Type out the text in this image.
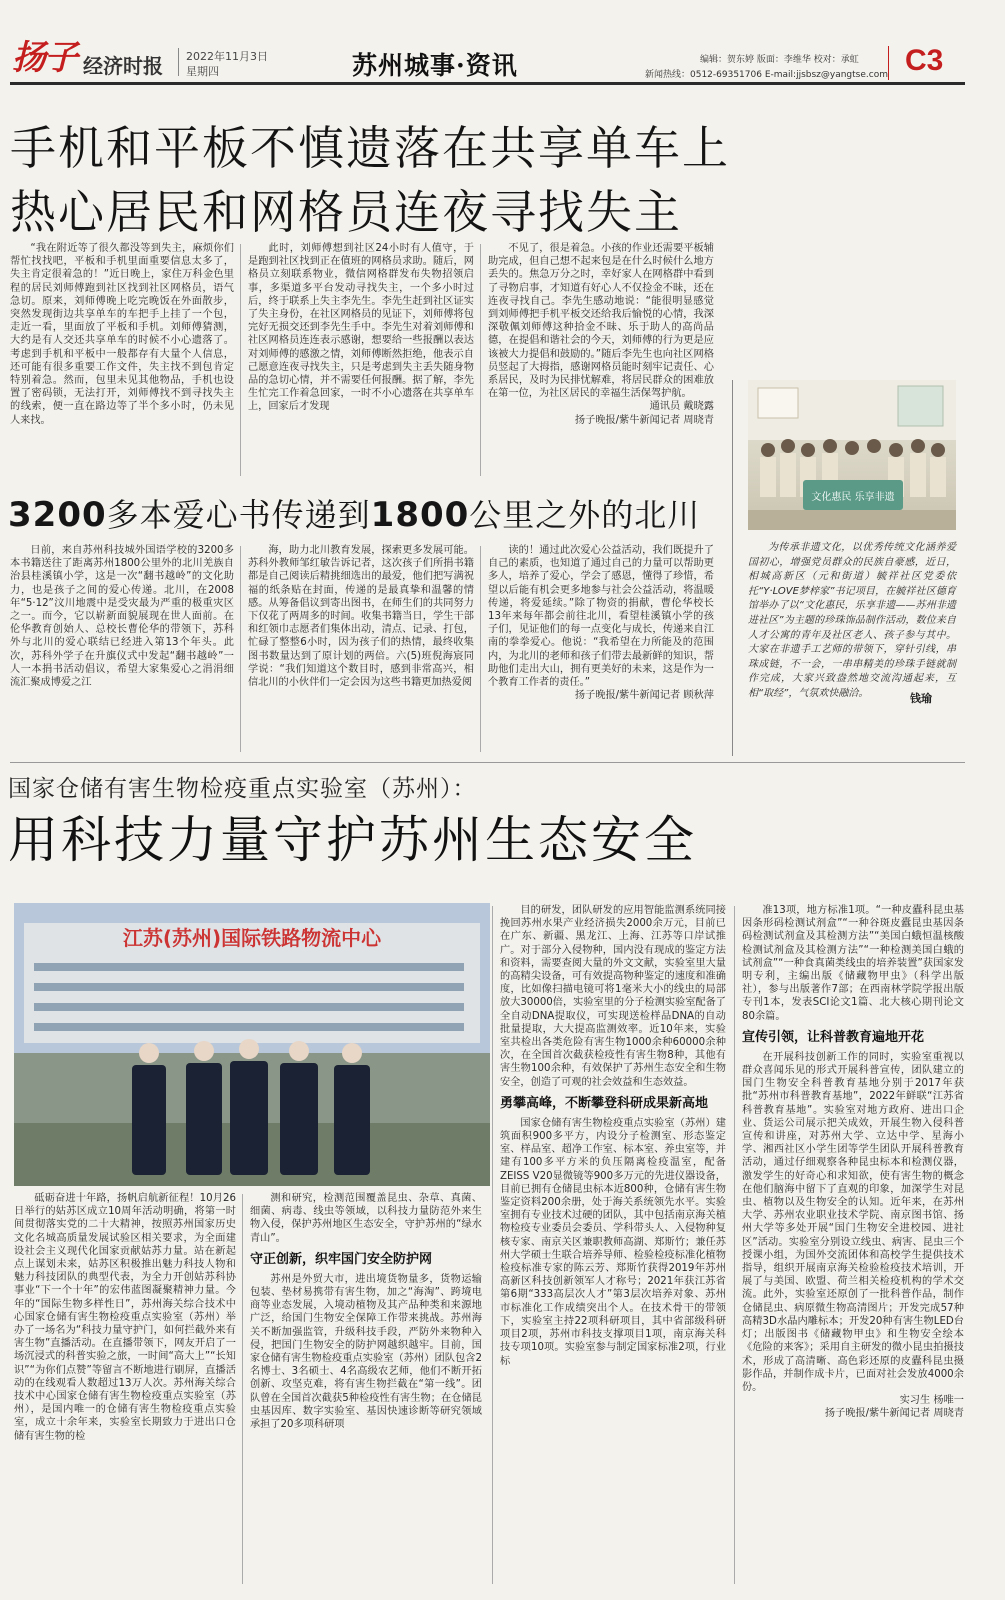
扬子 经济时报 2022年11月3日
星期四	苏州城事·资讯	编辑：贺东婷 版面：李维华 校对：承虹
新闻热线：0512-69351706 E-mail:jjsbsz@yangtse.com C3
手机和平板不慎遗落在共享单车上
热心居民和网格员连夜寻找失主

“我在附近等了很久都没等到失主，麻烦你们帮忙找找吧，平板和手机里面重要信息太多了，失主肯定很着急的！”近日晚上，家住万科金色里程的居民刘师傅跑到社区找到社区网格员，语气急切。原来，刘师傅晚上吃完晚饭在外面散步，突然发现街边共享单车的车把手上挂了一个包，走近一看，里面放了平板和手机。刘师傅猜测，大约是有人交还共享单车的时候不小心遗落了。考虑到手机和平板中一般都存有大量个人信息，还可能有很多重要工作文件，失主找不到包肯定特别着急。然而，包里未见其他物品，手机也设置了密码锁，无法打开，刘师傅找不到寻找失主的线索，便一直在路边等了半个多小时，仍未见人来找。

此时，刘师傅想到社区24小时有人值守，于是跑到社区找到正在值班的网格员求助。随后，网格员立刻联系物业，微信网格群发布失物招领启事，多渠道多平台发动寻找失主，一个多小时过后，终于联系上失主李先生。李先生赶到社区证实了失主身份，在社区网格员的见证下，刘师傅将包完好无损交还到李先生手中。李先生对着刘师傅和社区网格员连连表示感谢，想要给一些报酬以表达对刘师傅的感激之情，刘师傅断然拒绝，他表示自己愿意连夜寻找失主，只是考虑到失主丢失随身物品的急切心情，并不需要任何报酬。据了解，李先生忙完工作着急回家，一时不小心遗落在共享单车上，回家后才发现

不见了，很是着急。小孩的作业还需要平板辅助完成，但自己想不起来包是在什么时候什么地方丢失的。焦急万分之时，幸好家人在网格群中看到了寻物启事，才知道有好心人不仅捡金不昧，还在连夜寻找自己。李先生感动地说：“能很明显感觉到刘师傅把手机平板交还给我后愉悦的心情，我深深敬佩刘师傅这种拾金不昧、乐于助人的高尚品德，在提倡和谐社会的今天，刘师傅的行为更是应该被大力提倡和鼓励的。”随后李先生也向社区网格员竖起了大拇指，感谢网格员能时刻牢记责任、心系居民，及时为民排忧解难，将居民群众的困难放在第一位，为社区居民的幸福生活保驾护航。

通讯员 戴晓露

扬子晚报/紫牛新闻记者 周晓青

3200多本爱心书传递到1800公里之外的北川

日前，来自苏州科技城外国语学校的3200多本书籍送往了距离苏州1800公里外的北川羌族自治县桂溪镇小学，这是一次“翻书越岭”的文化助力，也是孩子之间的爱心传递。北川，在2008年“5·12”汶川地震中是受灾最为严重的极重灾区之一。而今，它以崭新面貌展现在世人面前。在伦华教育创始人、总校长曹伦华的带领下，苏科外与北川的爱心联结已经进入第13个年头。此次，苏科外学子在升旗仪式中发起“翻书越岭”一人一本捐书活动倡议，希望大家集爱心之涓涓细流汇聚成博爱之江

海，助力北川教育发展，探索更多发展可能。苏科外教师邹红敏告诉记者，这次孩子们所捐书籍都是自己阅读后精挑细选出的最爱，他们把写满祝福的纸条贴在封面，传递的是最真挚和温馨的情感。从筹备倡议到寄出图书，在师生们的共同努力下仅花了两周多的时间。收集书籍当日，学生干部和红领巾志愿者们集体出动，清点、记录、打包，忙碌了整整6小时，因为孩子们的热情，最终收集图书数量达到了原计划的两倍。六(5)班倪海宸同学说：“我们知道这个数目时，感到非常高兴，相信北川的小伙伴们一定会因为这些书籍更加热爱阅

读的！通过此次爱心公益活动，我们既提升了自己的素质，也知道了通过自己的力量可以帮助更多人，培养了爱心，学会了感恩，懂得了珍惜，希望以后能有机会更多地参与社会公益活动，将温暖传递，将爱延续。”除了物资的捐献，曹伦华校长13年来每年都会前往北川，看望桂溪镇小学的孩子们，见证他们的每一点变化与成长，传递来自江南的拳拳爱心。他说：“我希望在力所能及的范围内，为北川的老师和孩子们带去最新鲜的知识，帮助他们走出大山，拥有更美好的未来，这是作为一个教育工作者的责任。”

扬子晚报/紫牛新闻记者 顾秋萍

文化惠民 乐享非遗

为传承非遗文化，以优秀传统文化涵养爱国初心，增强党员群众的民族自豪感，近日，相城高新区（元和街道）毓祥社区党委依托“Y·LOVE梦梓家”书记项目，在毓祥社区德育馆举办了以“文化惠民，乐享非遗——苏州非遗进社区”为主题的珍珠饰品制作活动，数位来自人才公寓的青年及社区老人、孩子参与其中。大家在非遗手工艺师的带领下，穿针引线，串珠成链，不一会，一串串精美的珍珠手链就制作完成，大家兴致盎然地交流沟通起来，互相“取经”，气氛欢快融洽。	钱瑜
国家仓储有害生物检疫重点实验室（苏州）：
用科技力量守护苏州生态安全
江苏(苏州)国际铁路物流中心

砥砺奋进十年路，扬帆启航新征程！10月26日举行的姑苏区成立10周年活动明确，将第一时间贯彻落实党的二十大精神，按照苏州国家历史文化名城高质量发展试验区相关要求，为全面建设社会主义现代化国家贡献姑苏力量。站在新起点上谋划未来，姑苏区积极推出魅力科技人物和魅力科技团队的典型代表，为全力开创姑苏科协事业“下一个十年”的宏伟蓝图凝聚精神力量。今年的“国际生物多样性日”，苏州海关综合技术中心国家仓储有害生物检疫重点实验室（苏州）举办了一场名为“科技力量守护门，如何拦截外来有害生物”直播活动。在直播带领下，网友开启了一场沉浸式的科普实验之旅，一时间“高大上”“长知识”“为你们点赞”等留言不断地进行刷屏，直播活动的在线观看人数超过13万人次。苏州海关综合技术中心国家仓储有害生物检疫重点实验室（苏州），是国内唯一的仓储有害生物检疫重点实验室，成立十余年来，实验室长期致力于进出口仓储有害生物的检

测和研究，检测范围覆盖昆虫、杂草、真菌、细菌、病毒、线虫等领域，以科技力量防范外来生物入侵，保护苏州地区生态安全，守护苏州的“绿水青山”。

守正创新，织牢国门安全防护网

苏州是外贸大市，进出境货物量多，货物运输包装、垫材易携带有害生物，加之“海淘”、跨境电商等业态发展，入境动植物及其产品种类和来源地广泛，给国门生物安全保障工作带来挑战。苏州海关不断加强监管，升级科技手段，严防外来物种入侵，把国门生物安全的防护网越织越牢。目前，国家仓储有害生物检疫重点实验室（苏州）团队包含2名博士、3名硕士、4名高级农艺师，他们不断开拓创新、攻坚克难，将有害生物拦截在“第一线”。团队曾在全国首次截获5种检疫性有害生物；在仓储昆虫基因库、数字实验室、基因快速诊断等研究领域承担了20多项科研项

目的研发，团队研发的应用智能监测系统同接挽回苏州水果产业经济损失2000余万元，目前已在广东、新疆、黑龙江、上海、江苏等口岸试推广。对于部分入侵物种，国内没有现成的鉴定方法和资料，需要查阅大量的外文文献，实验室里大量的高精尖设备，可有效提高物种鉴定的速度和准确度，比如像扫描电镜可将1毫米大小的线虫的局部放大30000倍，实验室里的分子检测实验室配备了全自动DNA提取仪，可实现送检样品DNA的自动批量提取，大大提高监测效率。近10年来，实验室共检出各类危险有害生物1000余种60000余种次，在全国首次截获检疫性有害生物8种，其他有害生物100余种，有效保护了苏州生态安全和生物安全，创造了可观的社会效益和生态效益。

勇攀高峰，不断攀登科研成果新高地

国家仓储有害生物检疫重点实验室（苏州）建筑面积900多平方，内设分子检测室、形态鉴定室、样品室、超净工作室、标本室、养虫室等，并建有100多平方米的负压隔离检疫温室，配备ZEISS V20显微镜等900多万元的先进仪器设备，目前已拥有仓储昆虫标本近800种，仓储有害生物鉴定资料200余册，处于海关系统领先水平。实验室拥有专业技术过硬的团队，其中包括南京海关植物检疫专业委员会委员、学科带头人、入侵物种复核专家、南京关区兼职教师高湖、郑斯竹；兼任苏州大学硕士生联合培养导师、检验检疫标准化植物检疫标准专家的陈云芳、郑斯竹获得2019年苏州高新区科技创新领军人才称号；2021年获江苏省第6期“333高层次人才”第3层次培养对象、苏州市标准化工作成绩突出个人。在技术骨干的带领下，实验室主持22项科研项目，其中省部级科研项目2项，苏州市科技支撑项目1项，南京海关科技专项10项。实验室参与制定国家标准2项，行业标

准13项，地方标准1项。“一种皮蠹科昆虫基因条形码检测试剂盒”“一种谷斑皮蠹昆虫基因条码检测试剂盒及其检测方法”“美国白蛾恒温核酸检测试剂盒及其检测方法”“一种检测美国白蛾的试剂盒”“一种食真菌类线虫的培养装置”获国家发明专利，主编出版《储藏物甲虫》（科学出版社），参与出版著作7部；在西南林学院学报出版专刊1本，发表SCI论文1篇、北大核心期刊论文80余篇。

宣传引领，让科普教育遍地开花

在开展科技创新工作的同时，实验室重视以群众喜闻乐见的形式开展科普宣传，团队建立的国门生物安全科普教育基地分别于2017年获批“苏州市科普教育基地”，2022年鲜联“江苏省科普教育基地”。实验室对地方政府、进出口企业、货运公司展示把关成效，开展生物入侵科普宣传和讲座，对苏州大学、立达中学、星海小学、湘西社区小学生团等学生团队开展科普教育活动，通过仔细观察各种昆虫标本和检测仪器，激发学生的好奇心和求知欲，使有害生物的概念在他们脑海中留下了直观的印象，加深学生对昆虫、植物以及生物安全的认知。近年来，在苏州大学、苏州农业职业技术学院、南京图书馆、扬州大学等多处开展“国门生物安全进校园、进社区”活动。实验室分别设立线虫、病害、昆虫三个授课小组，为国外交流团体和高校学生提供技术指导，组织开展南京海关检验检疫技术培训，开展了与美国、欧盟、荷兰相关检疫机构的学术交流。此外，实验室还原创了一批科普作品，制作仓储昆虫、病原微生物高清图片；开发完成57种高精3D水晶内雕标本；开发20种有害生物LED台灯；出版图书《储藏物甲虫》和生物安全绘本《危险的来客》；采用自主研发的微小昆虫拍摄技术，形成了高清晰、高色彩还原的皮蠹科昆虫摄影作品，并制作成卡片，已面对社会发放4000余份。

实习生 杨唯一

扬子晚报/紫牛新闻记者 周晓青
